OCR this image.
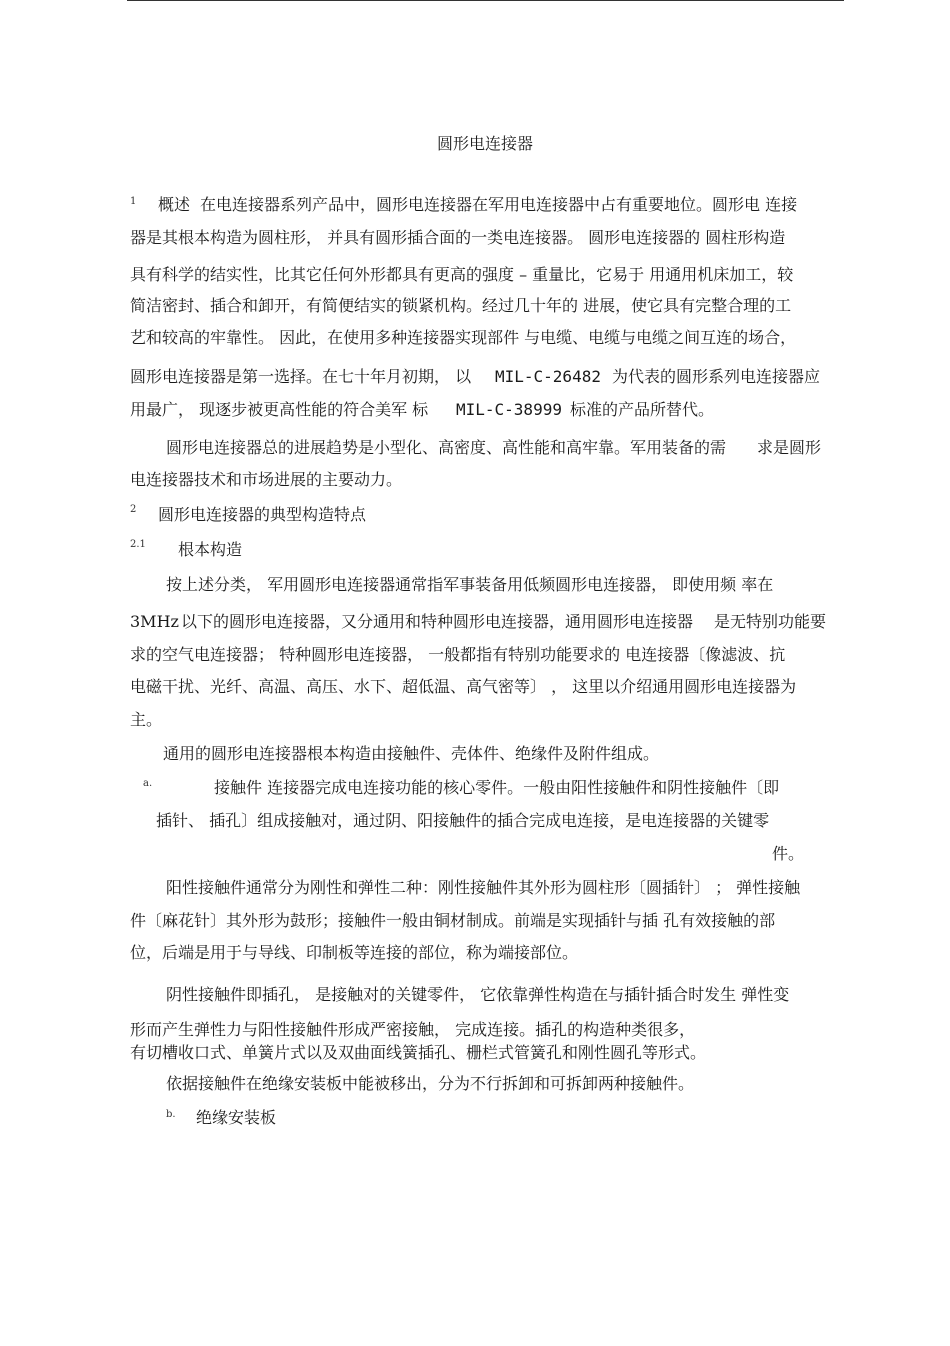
圆形电连接器
1 概述 在电连接器系列产品中，圆形电连接器在军用电连接器中占有重要地位。圆形电 连接
器是其根本构造为圆柱形， 并具有圆形插合面的一类电连接器。 圆形电连接器的 圆柱形构造
具有科学的结实性，比其它任何外形都具有更高的强度 – 重量比，它易于 用通用机床加工，较
简洁密封、插合和卸开，有简便结实的锁紧机构。经过几十年的 进展，使它具有完整合理的工
艺和较高的牢靠性。 因此，在使用多种连接器实现部件 与电缆、电缆与电缆之间互连的场合，
圆形电连接器是第一选择。在七十年月初期， 以 MIL-C-26482 为代表的圆形系列电连接器应
用最广， 现逐步被更高性能的符合美军 标 MIL-C-38999 标准的产品所替代。
圆形电连接器总的进展趋势是小型化、高密度、高性能和高牢靠。军用装备的需 求是圆形
电连接器技术和市场进展的主要动力。
2 圆形电连接器的典型构造特点
2.1 根本构造
按上述分类， 军用圆形电连接器通常指军事装备用低频圆形电连接器， 即使用频 率在
3MHz 以下的圆形电连接器，又分通用和特种圆形电连接器，通用圆形电连接器 是无特别功能要
求的空气电连接器； 特种圆形电连接器， 一般都指有特别功能要求的 电连接器〔像滤波、抗
电磁干扰、光纤、高温、高压、水下、超低温、高气密等〕 ， 这里以介绍通用圆形电连接器为
主。
通用的圆形电连接器根本构造由接触件、壳体件、绝缘件及附件组成。
a.	接触件 连接器完成电连接功能的核心零件。一般由阳性接触件和阴性接触件〔即
插针、 插孔〕组成接触对，通过阴、阳接触件的插合完成电连接，是电连接器的关键零
件。
阳性接触件通常分为刚性和弹性二种：刚性接触件其外形为圆柱形〔圆插针〕 ； 弹性接触
件〔麻花针〕其外形为鼓形；接触件一般由铜材制成。前端是实现插针与插 孔有效接触的部
位，后端是用于与导线、印制板等连接的部位，称为端接部位。
阴性接触件即插孔， 是接触对的关键零件， 它依靠弹性构造在与插针插合时发生 弹性变
形而产生弹性力与阳性接触件形成严密接触， 完成连接。插孔的构造种类很多，
有切槽收口式、单簧片式以及双曲面线簧插孔、栅栏式管簧孔和刚性圆孔等形式。
依据接触件在绝缘安装板中能被移出，分为不行拆卸和可拆卸两种接触件。
b. 绝缘安装板
